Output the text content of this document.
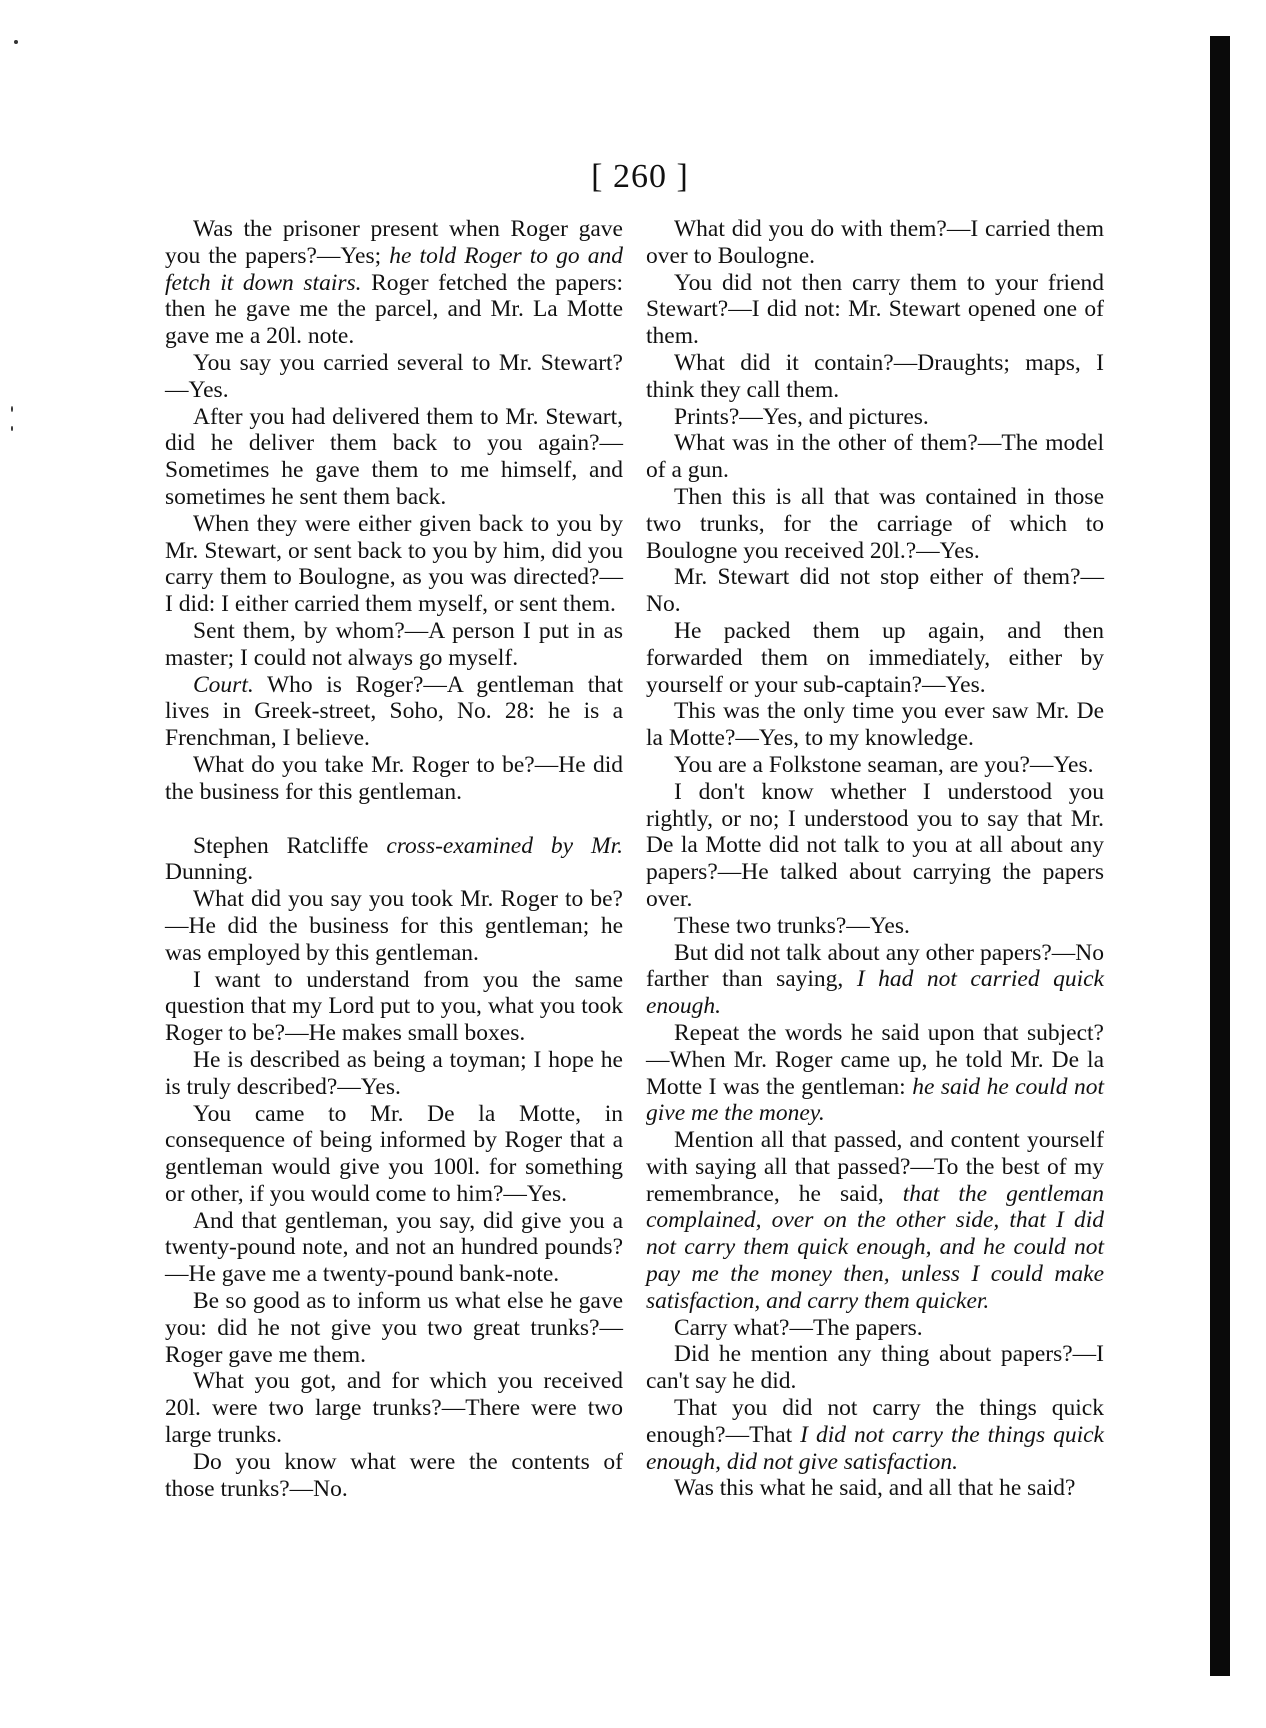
[ 260 ]

Was the prisoner present when Roger gave you the papers?—Yes; he told Roger to go and fetch it down stairs. Roger fetched the papers: then he gave me the parcel, and Mr. La Motte gave me a 20l. note.

You say you carried several to Mr. Stewart?—Yes.

After you had delivered them to Mr. Stewart, did he deliver them back to you again?—Sometimes he gave them to me himself, and sometimes he sent them back.

When they were either given back to you by Mr. Stewart, or sent back to you by him, did you carry them to Boulogne, as you was directed?—I did: I either carried them myself, or sent them.

Sent them, by whom?—A person I put in as master; I could not always go myself.

Court. Who is Roger?—A gentleman that lives in Greek-street, Soho, No. 28: he is a Frenchman, I believe.

What do you take Mr. Roger to be?—He did the business for this gentleman.

Stephen Ratcliffe cross-examined by Mr. Dunning.

What did you say you took Mr. Roger to be?—He did the business for this gentleman; he was employed by this gentleman.

I want to understand from you the same question that my Lord put to you, what you took Roger to be?—He makes small boxes.

He is described as being a toyman; I hope he is truly described?—Yes.

You came to Mr. De la Motte, in consequence of being informed by Roger that a gentleman would give you 100l. for something or other, if you would come to him?—Yes.

And that gentleman, you say, did give you a twenty-pound note, and not an hundred pounds?—He gave me a twenty-pound bank-note.

Be so good as to inform us what else he gave you: did he not give you two great trunks?—Roger gave me them.

What you got, and for which you received 20l. were two large trunks?—There were two large trunks.

Do you know what were the contents of those trunks?—No.

What did you do with them?—I carried them over to Boulogne.

You did not then carry them to your friend Stewart?—I did not: Mr. Stewart opened one of them.

What did it contain?—Draughts; maps, I think they call them.

Prints?—Yes, and pictures.

What was in the other of them?—The model of a gun.

Then this is all that was contained in those two trunks, for the carriage of which to Boulogne you received 20l.?—Yes.

Mr. Stewart did not stop either of them?—No.

He packed them up again, and then forwarded them on immediately, either by yourself or your sub-captain?—Yes.

This was the only time you ever saw Mr. De la Motte?—Yes, to my knowledge.

You are a Folkstone seaman, are you?—Yes.

I don't know whether I understood you rightly, or no; I understood you to say that Mr. De la Motte did not talk to you at all about any papers?—He talked about carrying the papers over.

These two trunks?—Yes.

But did not talk about any other papers?—No farther than saying, I had not carried quick enough.

Repeat the words he said upon that subject?—When Mr. Roger came up, he told Mr. De la Motte I was the gentleman: he said he could not give me the money.

Mention all that passed, and content yourself with saying all that passed?—To the best of my remembrance, he said, that the gentleman complained, over on the other side, that I did not carry them quick enough, and he could not pay me the money then, unless I could make satisfaction, and carry them quicker.

Carry what?—The papers.

Did he mention any thing about papers?—I can't say he did.

That you did not carry the things quick enough?—That I did not carry the things quick enough, did not give satisfaction.

Was this what he said, and all that he said?
